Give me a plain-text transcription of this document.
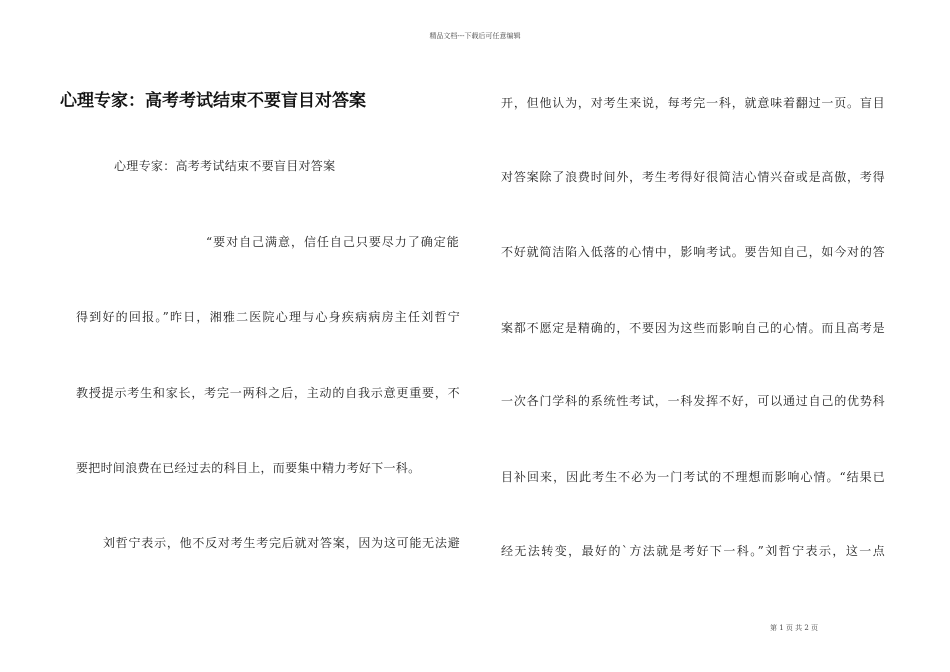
精品文档---下载后可任意编辑
心理专家：高考考试结束不要盲目对答案
心理专家：高考考试结束不要盲目对答案
“要对自己满意，信任自己只要尽力了确定能
得到好的回报。”昨日，湘雅二医院心理与心身疾病病房主任刘哲宁
教授提示考生和家长，考完一两科之后，主动的自我示意更重要，不
要把时间浪费在已经过去的科目上，而要集中精力考好下一科。
刘哲宁表示，他不反对考生考完后就对答案，因为这可能无法避
开，但他认为，对考生来说，每考完一科，就意味着翻过一页。盲目
对答案除了浪费时间外，考生考得好很简洁心情兴奋或是高傲，考得
不好就简洁陷入低落的心情中，影响考试。要告知自己，如今对的答
案都不愿定是精确的，不要因为这些而影响自己的心情。而且高考是
一次各门学科的系统性考试，一科发挥不好，可以通过自己的优势科
目补回来，因此考生不必为一门考试的不理想而影响心情。“结果已
经无法转变，最好的`方法就是考好下一科。”刘哲宁表示，这一点
第 1 页 共 2 页
